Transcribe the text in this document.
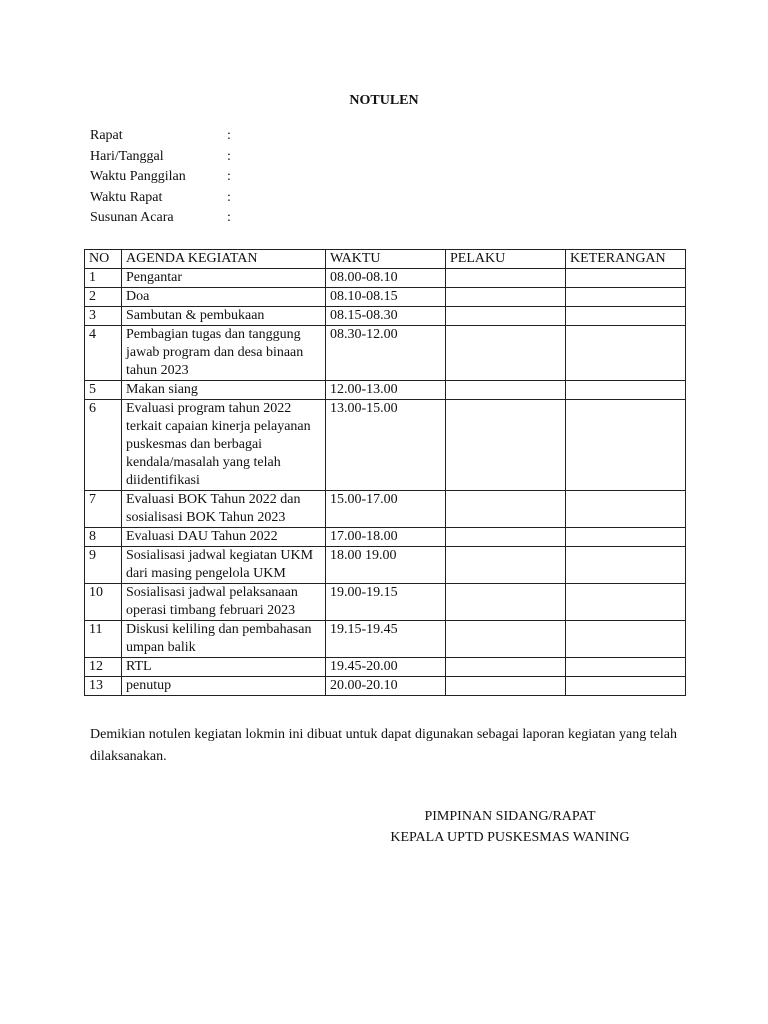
NOTULEN
Rapat	:
Hari/Tanggal	:
Waktu Panggilan	:
Waktu Rapat	:
Susunan Acara	:
NO	AGENDA KEGIATAN	WAKTU	PELAKU	KETERANGAN
1	Pengantar	08.00-08.10		
2	Doa	08.10-08.15		
3	Sambutan & pembukaan	08.15-08.30		
4	Pembagian tugas dan tanggung jawab program dan desa binaan tahun 2023	08.30-12.00		
5	Makan siang	12.00-13.00		
6	Evaluasi program tahun 2022 terkait capaian kinerja pelayanan puskesmas dan berbagai kendala/masalah yang telah diidentifikasi	13.00-15.00		
7	Evaluasi BOK Tahun 2022 dan sosialisasi BOK Tahun 2023	15.00-17.00		
8	Evaluasi DAU Tahun 2022	17.00-18.00		
9	Sosialisasi jadwal kegiatan UKM dari masing pengelola UKM	18.00 19.00		
10	Sosialisasi jadwal pelaksanaan operasi timbang februari 2023	19.00-19.15		
11	Diskusi keliling dan pembahasan umpan balik	19.15-19.45		
12	RTL	19.45-20.00		
13	penutup	20.00-20.10		
Demikian notulen kegiatan lokmin ini dibuat untuk dapat digunakan sebagai laporan kegiatan yang telah dilaksanakan.
PIMPINAN SIDANG/RAPAT
KEPALA UPTD PUSKESMAS WANING
